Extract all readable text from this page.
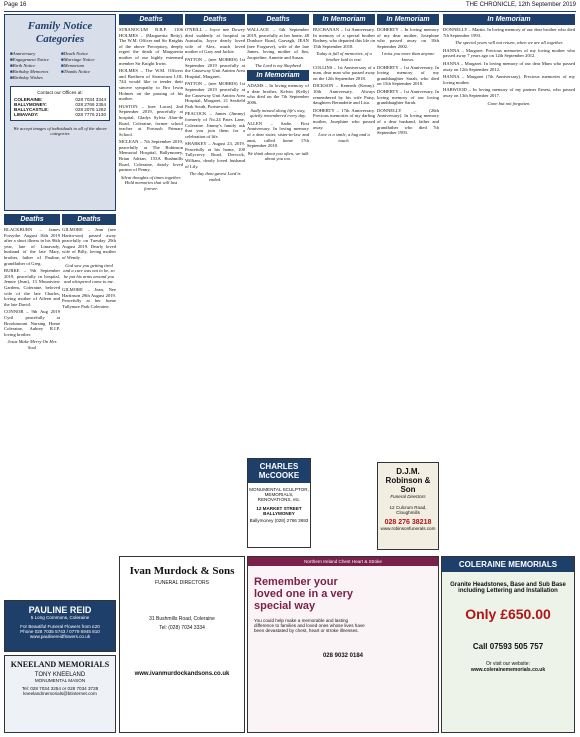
Page 16	THE CHRONICLE, 12th September 2019
Family Notice Categories
■ Anniversary	■ Death Notice
■ Engagement Notice	■ Marriage Notice
■ Birth Notice	■ Memoriam
■ Birthday Memories	■ Thanks Notice
■ Birthday Wishes
Contact our Offices at:
COLERAINE:	028 7034 3344
BALLYMONEY:	028 2766 2354
BALLYCASTLE:	028 2076 1262
LIMAVADY:	028 7776 2130
We accept images of individuals to all of the above categories
Deaths

BLACKBURN – James Forsythe. August 16th 2019 after a short illness in his 96th year, late of Limavady, husband of the late Mary, brother, father of Pauline, grandfather of Greg.

BURKE – 9th September 2019, peacefully in hospital, Jennie (Jean), 13 Mountview Gardens, Coleraine, beloved wife of the late Charles, loving mother of Aileen and the late David.

CONNOR – 9th Aug 2019 Cyril peacefully at Brookmount Nursing Home Coleraine, Aubrey R.I.P. loving brother.

Jesus Make Merry On Hes Soul
Deaths

GILMORE – Jean (nee Hartin-son) passed away peacefully on Tuesday 29th August 2019. Dearly loved wife of Billy, loving mother of Wendy.

God saw you getting tired and a cure was not to be, so he put his arms around you and whispered come to me.

GILMORE – Jean, Nee Hartinson 29th August 2019. Peacefully at her home Tullynure Park Coleraine.

PAULINE REID
5 Long Commons, Coleraine
For Beautiful Funeral Flowers from £20
Phone 028 7035 5743 / 0779 6945 810
www.paulinereidflowers.co.uk
KNEELAND MEMORIALS
TONY KNEELAND
MONUMENTAL MASON
Tel: 028 7034 3254 or 028 7034 3728
kneelandmemorials@btinternet.com
Deaths

STRANOCUM B.B.P. 1106 HOLMES – (Marguerita Betty). The W.M. Officer and Sir Knights of the above Preceptory, deeply regret the death of Marguerita mother of our highly esteemed member Sir Knight Irwin.

HOLMES – The W.M. Officers and Brethren of Stranocum LOL 744 would like to tender their sincere sympathy to Bro Irwin Holmes on the passing of his mother.

HUSTON – (nee Lucas) 2nd September 2019, peacefully at hospital, Gladys Sylvia Alan-de Road, Coleraine, former school teacher at Portrush Primary School.

MCLEAN – 7th September 2019, peacefully at The Robinson Memorial Hospital, Ballymoney, Brian Adrian, 153A Bushmills Road, Coleraine, dearly loved partner of Penny.

Silent thoughts of times together. Hold memories that will last forever.
Deaths

O'NEILL – Joyce nee Dowey died suddenly at hospital in Australia, Joyce dearly loved wife of Alex, much loved mother of Gary and Jackie.

PATTON – (nee MORRIS) 1st September 2019 peacefully at the Causeway Unit Antrim Area Hospital, Margaret.

PATTON – (nee MORRIS) 1st September 2019 peacefully at the Causeway Unit Antrim Area Hospital, Margaret, 21 Seafield Park South, Portstewart.

PEACOCK – James (Jimmy) formerly of No.24 Pates Lane, Coleraine. Jimmy's family ask that you join them for a celebration of life.

SHARKEY – August 23, 2019. Peacefully at his home, 100 Tullycrevy Road, Dervock, William, dearly loved husband of Lily.

The day thou gavest Lord is ended.
Deaths

WALLACE – 6th September 2019, peacefully at her home, 48 Dunluce Road, Garvagh, JEAN (nee Forgrave), wife of the late James, loving mother of Jim, Jacqueline, Annette and Susan.

The Lord is my Shepherd
In Memoriam

ADAMS – In loving memory of a dear brother, Kelvin (Kelly) who died on the 7th September 2006.

Sadly missed along life's way, quietly remembered every day.

ALLEN – Sadie. First Anniversary. In loving memory of a dear sister, sister-in-law and aunt, called home 17th September 2018.

We think about you often, we talk about you too.
CHARLES McCOOKE
MONUMENTAL SCULPTOR, MEMORIALS, RENOVATIONS, etc.
12 MARKET STREET BALLYMONEY
Ballymoney (028) 2766 3693
In Memoriam

BUCHANAN – 1st Anniversary. In memory of a special brother Rodney, who departed this life on 15th September 2018.

Today is full of memories, of a brother laid to rest.

COLLINS – 1st Anniversary of a man, dear man who passed away on the 12th September 2018.

DICKSON – Kenneth (Kenny). 10th Anniversary. Always remembered by his wife Patsy, daughters Bernadette and Lisa.

DOHERTY – 17th Anniversary. Precious memories of my darling mother, Josephine who passed away.

Love is a smile, a hug and a touch.
In Memoriam

DOHERTY – In loving memory of my dear mother, Josephine who passed away on 10th September 2002.

I miss you more than anyone knows.

DOHERTY – 1st Anniversary. In loving memory of my granddaughter Sarah, who died on 15th September 2018.

DOHERTY – 1st Anniversary. In loving memory of our loving granddaughter Sarah.

DONNELLY – (26th Anniversary). In loving memory of a dear husband, father and grandfather who died 7th September 1993.

D.J.M. Robinson & Son
Funeral Directors
12 Culcrum Road, Cloughmills
028 276 38218
www.robinsonfunerals.com
In Memoriam

DONNELLY – Martin. In loving memory of our dear brother who died 7th September 1993.

The special years will not return, when we are all together.

HANNA – Margaret. Precious memories of my loving mother who passed away 7 years ago on 12th September 2012.

HANNA – Margaret. In loving memory of our dear Mum who passed away on 12th September 2012.

HANNA – Margaret (7th Anniversary). Precious memories of my loving mother.

HARWOOD – In loving memory of my partner Ernest, who passed away on 13th September 2017.

Gone but not forgotten.
Ivan Murdock & Sons
FUNERAL DIRECTORS
31 Bushmills Road, Coleraine
Tel: (028) 7034 3334
www.ivanmurdockandsons.co.uk
Northern Ireland Chest Heart & Stroke
Remember your loved one in a very special way
You could help make a memorable and lasting difference to families and loved ones whose lives have been devastated by chest, heart or stroke illnesses.
028 9032 0184
COLERAINE MEMORIALS
Granite Headstones, Base and Sub Base including Lettering and Installation
Only £650.00
Call 07593 505 757
Or visit our website:
www.colerainememorials.co.uk
